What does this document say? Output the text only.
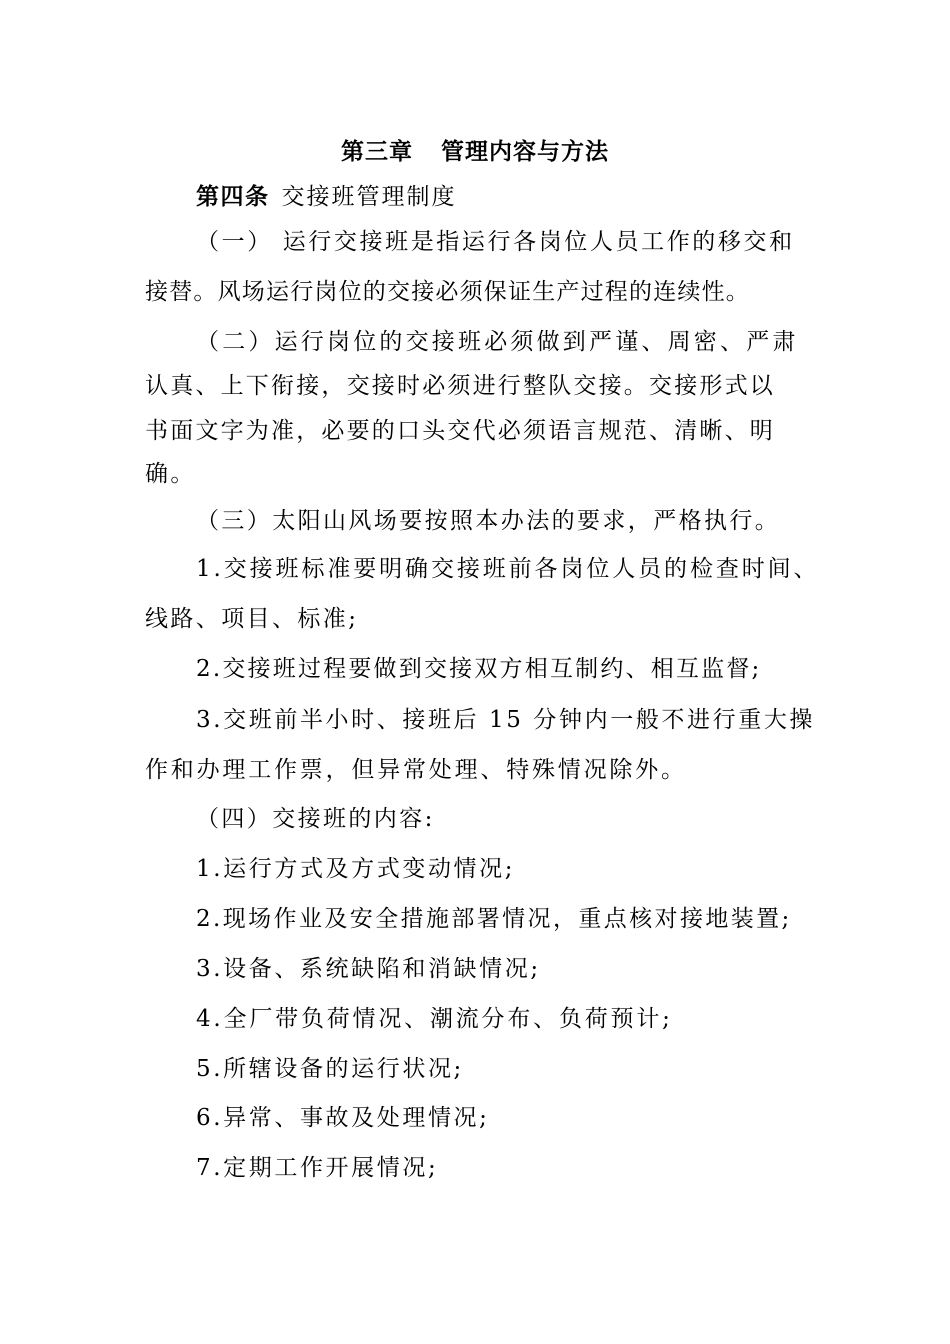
第三章 管理内容与方法
第四条 交接班管理制度
（一） 运行交接班是指运行各岗位人员工作的移交和
接替。风场运行岗位的交接必须保证生产过程的连续性。
（二）运行岗位的交接班必须做到严谨、周密、严肃
认真、上下衔接，交接时必须进行整队交接。交接形式以
书面文字为准，必要的口头交代必须语言规范、清晰、明
确。
（三）太阳山风场要按照本办法的要求，严格执行。
1.交接班标准要明确交接班前各岗位人员的检查时间、
线路、项目、标准;
2.交接班过程要做到交接双方相互制约、相互监督;
3.交班前半小时、接班后 15 分钟内一般不进行重大操
作和办理工作票，但异常处理、特殊情况除外。
（四）交接班的内容:
1.运行方式及方式变动情况;
2.现场作业及安全措施部署情况，重点核对接地装置;
3.设备、系统缺陷和消缺情况;
4.全厂带负荷情况、潮流分布、负荷预计;
5.所辖设备的运行状况;
6.异常、事故及处理情况;
7.定期工作开展情况;
